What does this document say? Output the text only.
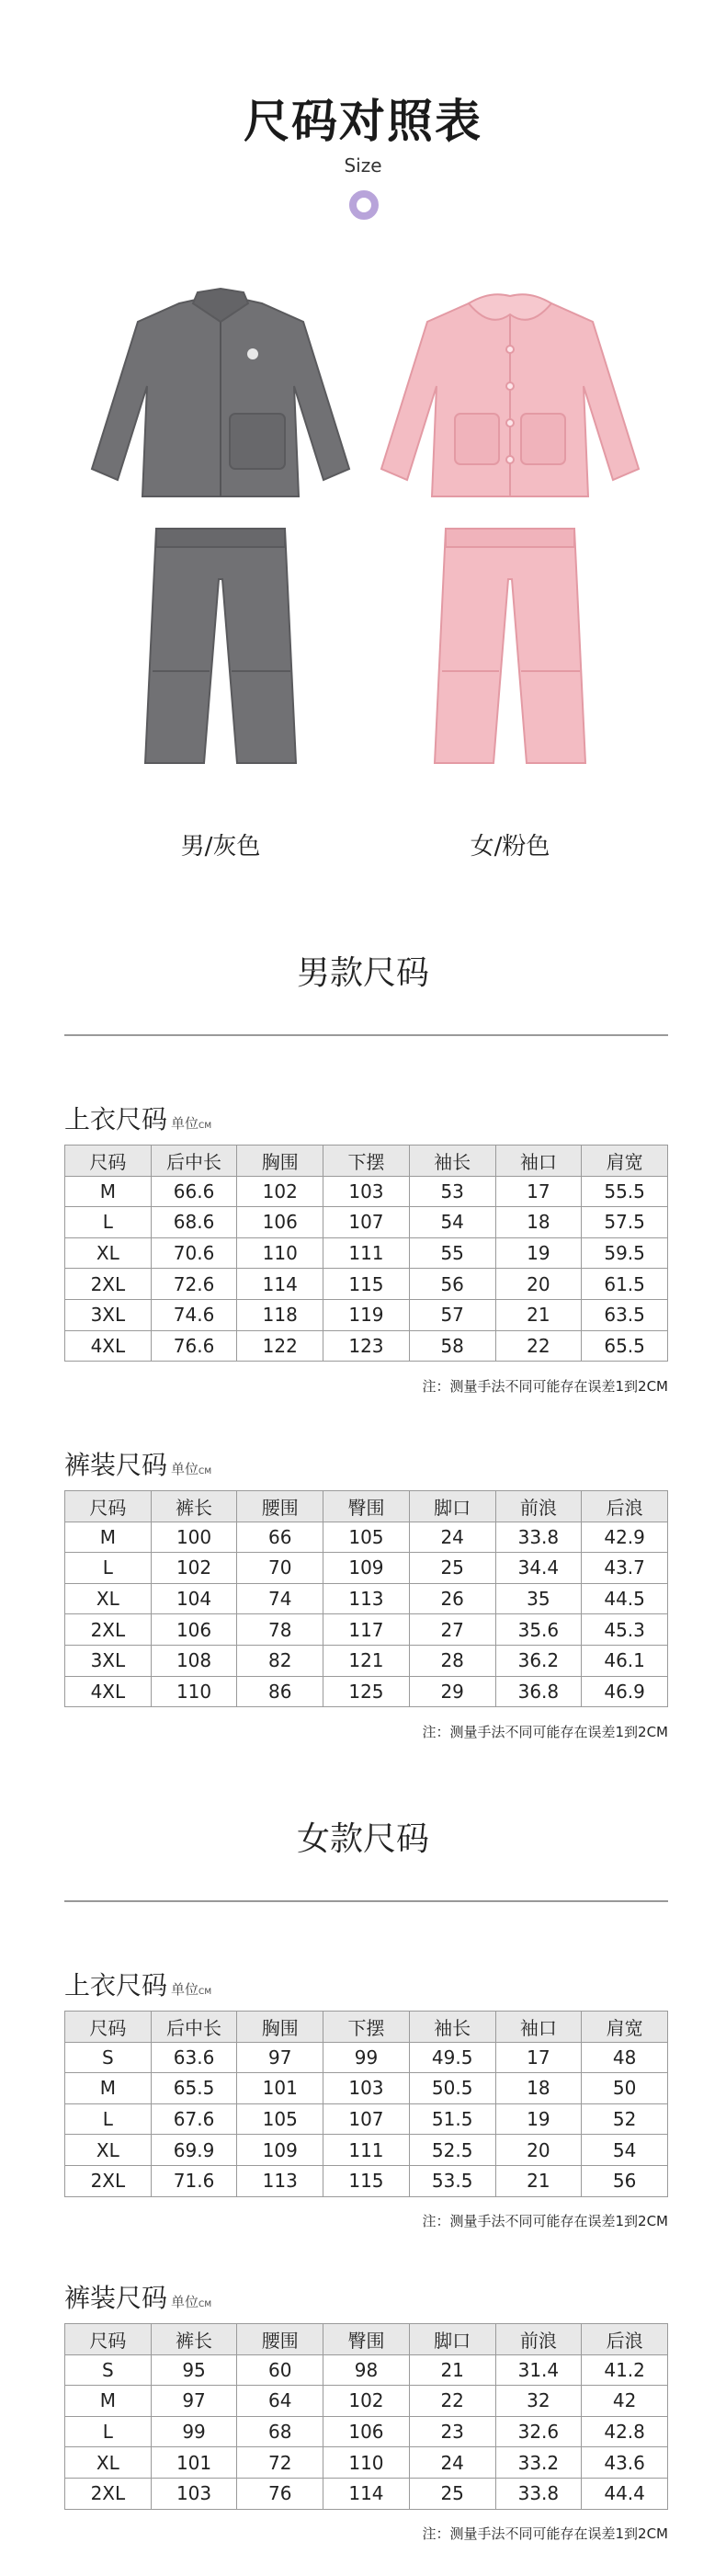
尺码对照表
Size
男/灰色	女/粉色
男款尺码
上衣尺码 单位CM
尺码	后中长	胸围	下摆	袖长	袖口	肩宽
M	66.6	102	103	53	17	55.5
L	68.6	106	107	54	18	57.5
XL	70.6	110	111	55	19	59.5
2XL	72.6	114	115	56	20	61.5
3XL	74.6	118	119	57	21	63.5
4XL	76.6	122	123	58	22	65.5
注：测量手法不同可能存在误差1到2CM
裤装尺码 单位CM
尺码	裤长	腰围	臀围	脚口	前浪	后浪
M	100	66	105	24	33.8	42.9
L	102	70	109	25	34.4	43.7
XL	104	74	113	26	35	44.5
2XL	106	78	117	27	35.6	45.3
3XL	108	82	121	28	36.2	46.1
4XL	110	86	125	29	36.8	46.9
注：测量手法不同可能存在误差1到2CM
女款尺码
上衣尺码 单位CM
尺码	后中长	胸围	下摆	袖长	袖口	肩宽
S	63.6	97	99	49.5	17	48
M	65.5	101	103	50.5	18	50
L	67.6	105	107	51.5	19	52
XL	69.9	109	111	52.5	20	54
2XL	71.6	113	115	53.5	21	56
注：测量手法不同可能存在误差1到2CM
裤装尺码 单位CM
尺码	裤长	腰围	臀围	脚口	前浪	后浪
S	95	60	98	21	31.4	41.2
M	97	64	102	22	32	42
L	99	68	106	23	32.6	42.8
XL	101	72	110	24	33.2	43.6
2XL	103	76	114	25	33.8	44.4
注：测量手法不同可能存在误差1到2CM
